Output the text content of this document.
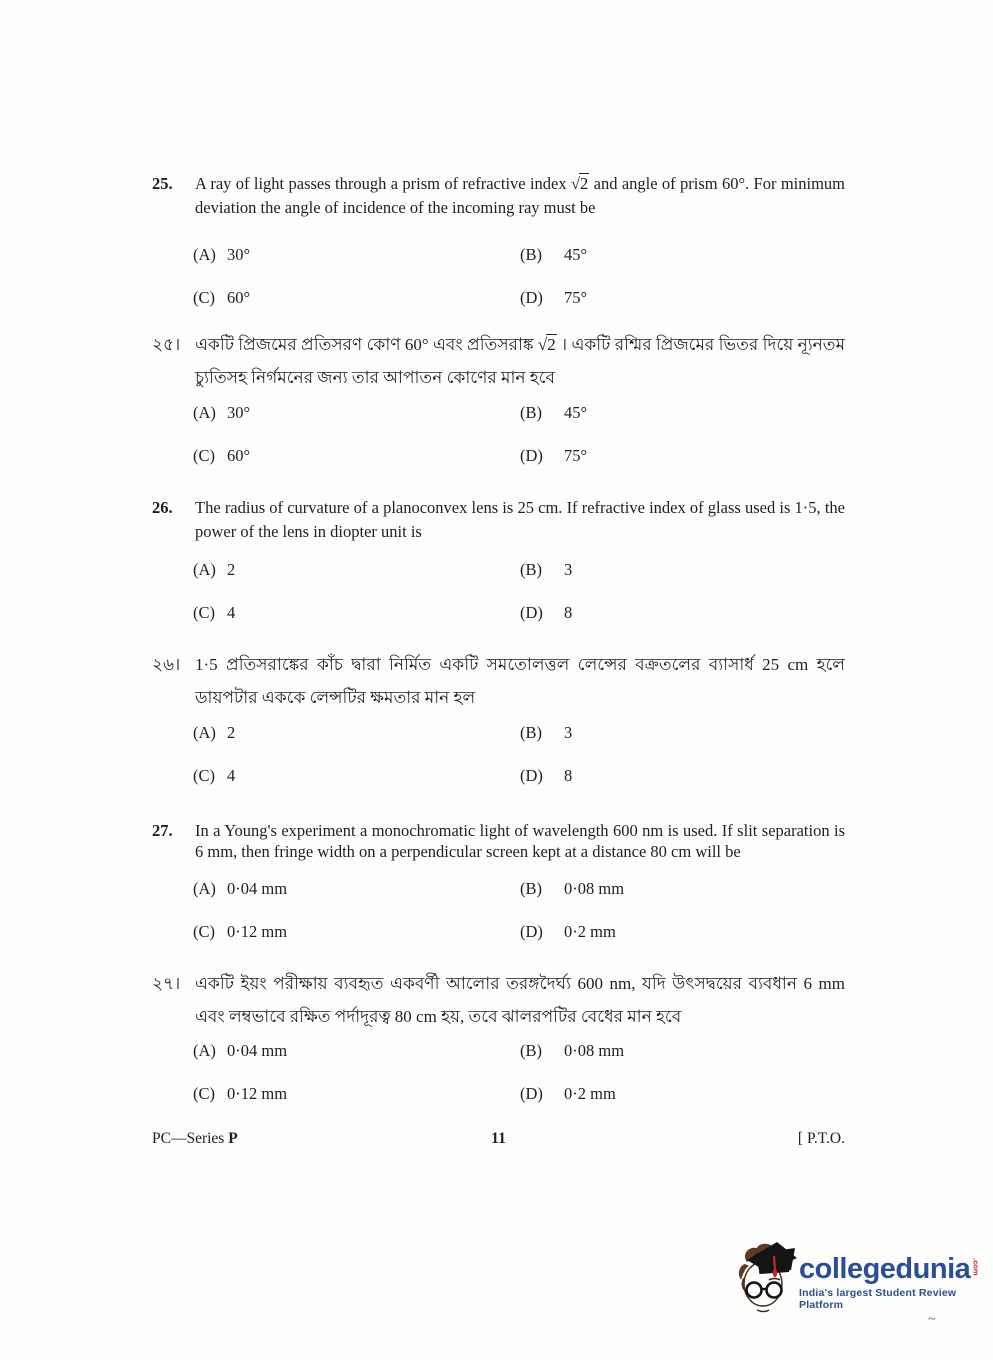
25.	A ray of light passes through a prism of refractive index √2 and angle of prism 60°. For minimum deviation the angle of incidence of the incoming ray must be
(A) 30°	(B)	45°
(C) 60°	(D)	75°
২৫। একটি প্রিজমের প্রতিসরণ কোণ 60° এবং প্রতিসরাঙ্ক √2 । একটি রশ্মির প্রিজমের ভিতর দিয়ে ন্যূনতম চ্যুতিসহ নির্গমনের জন্য তার আপাতন কোণের মান হবে
(A) 30°	(B)	45°
(C) 60°	(D)	75°
26.	The radius of curvature of a planoconvex lens is 25 cm. If refractive index of glass used is 1·5, the power of the lens in diopter unit is
(A) 2	(B)	3
(C) 4	(D)	8
২৬। 1·5 প্রতিসরাঙ্কের কাঁচ দ্বারা নির্মিত একটি সমতোলত্তল লেন্সের বক্রতলের ব্যাসার্ধ 25 cm হলে ডায়পটার এককে লেন্সটির ক্ষমতার মান হল
(A) 2	(B)	3
(C) 4	(D)	8
27.	In a Young's experiment a monochromatic light of wavelength 600 nm is used. If slit separation is 6 mm, then fringe width on a perpendicular screen kept at a distance 80 cm will be
(A) 0·04 mm	(B)	0·08 mm
(C) 0·12 mm	(D)	0·2 mm
২৭। একটি ইয়ং পরীক্ষায় ব্যবহৃত একবর্ণী আলোর তরঙ্গদৈর্ঘ্য 600 nm, যদি উৎসদ্বয়ের ব্যবধান 6 mm এবং লম্বভাবে রক্ষিত পর্দাদূরত্ব 80 cm হয়, তবে ঝালরপটির বেধের মান হবে
(A) 0·04 mm	(B)	0·08 mm
(C) 0·12 mm	(D)	0·2 mm
PC—Series P	11	[ P.T.O.
collegedunia .com
India's largest Student Review Platform
~
